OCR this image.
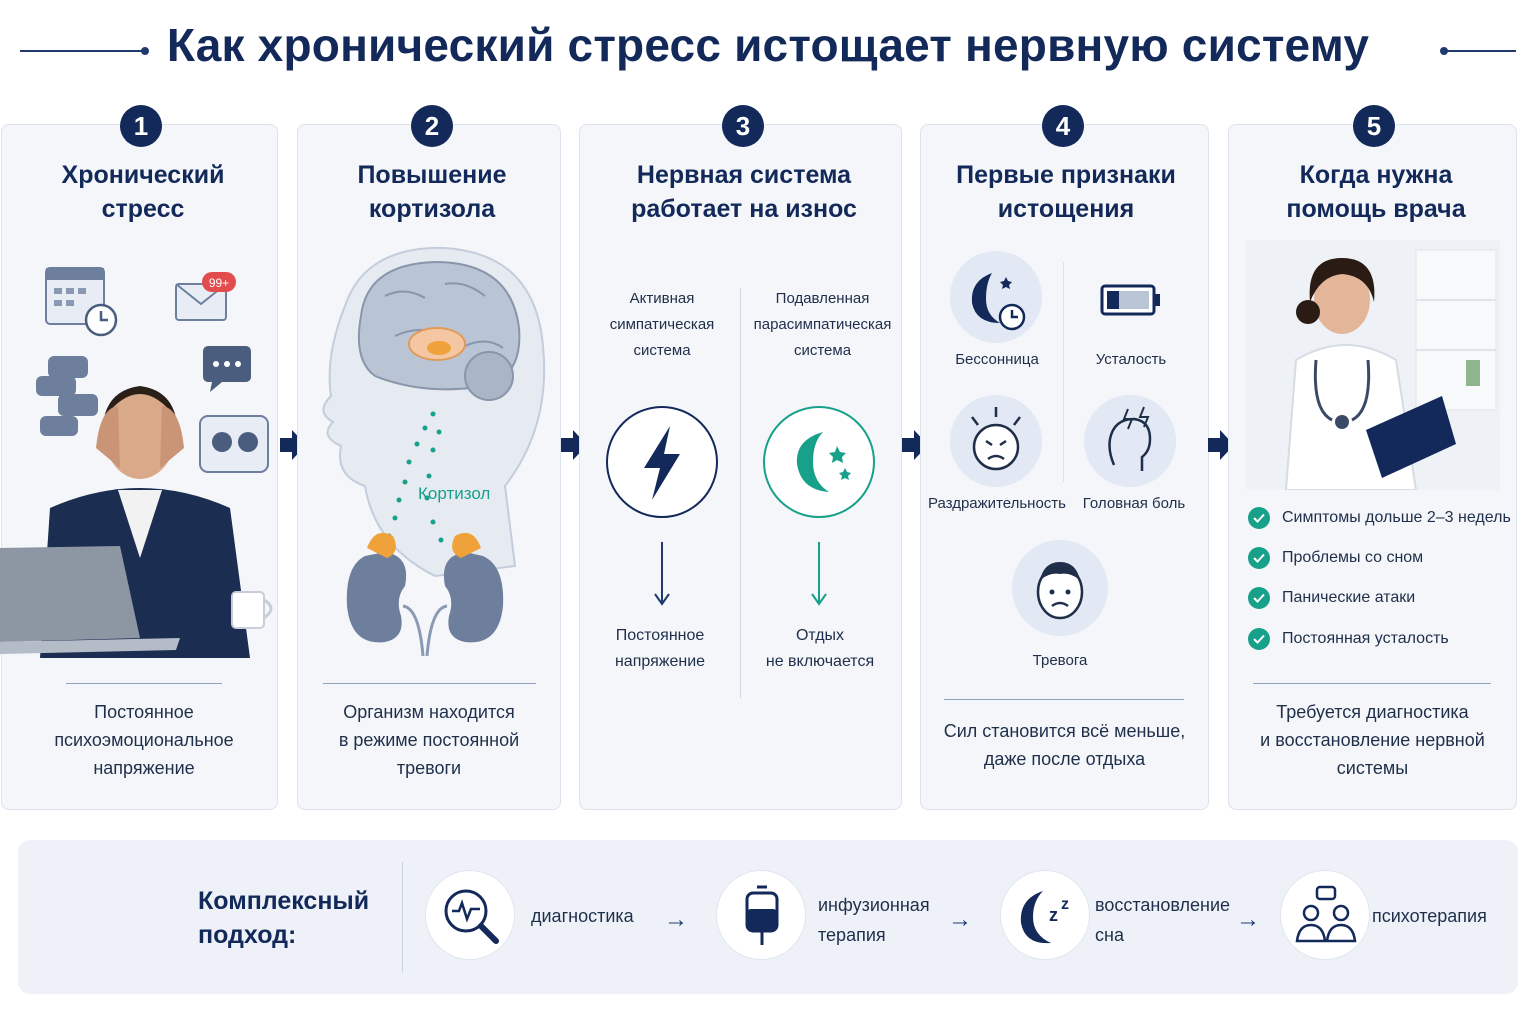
Как хронический стресс истощает нервную систему
1
Хронический
стресс
99+
Постоянное
психоэмоциональное
напряжение
2
Повышение
кортизола
Кортизол
Организм находится
в режиме постоянной
тревоги
3
Нервная система
работает на износ
Активная
симпатическая
система
Подавленная
парасимпатическая
система
Постоянное
напряжение
Отдых
не включается
4
Первые признаки
истощения
Бессонница	Усталость
Раздражительность	Головная боль
Тревога
Сил становится всё меньше,
даже после отдыха
5
Когда нужна
помощь врача
Симптомы дольше 2–3 недель
Проблемы со сном
Панические атаки
Постоянная усталость
Требуется диагностика
и восстановление нервной
системы
Комплексный
подход:
диагностика →
инфузионная
терапия
→	z
z восстановление
сна
→	психотерапия
